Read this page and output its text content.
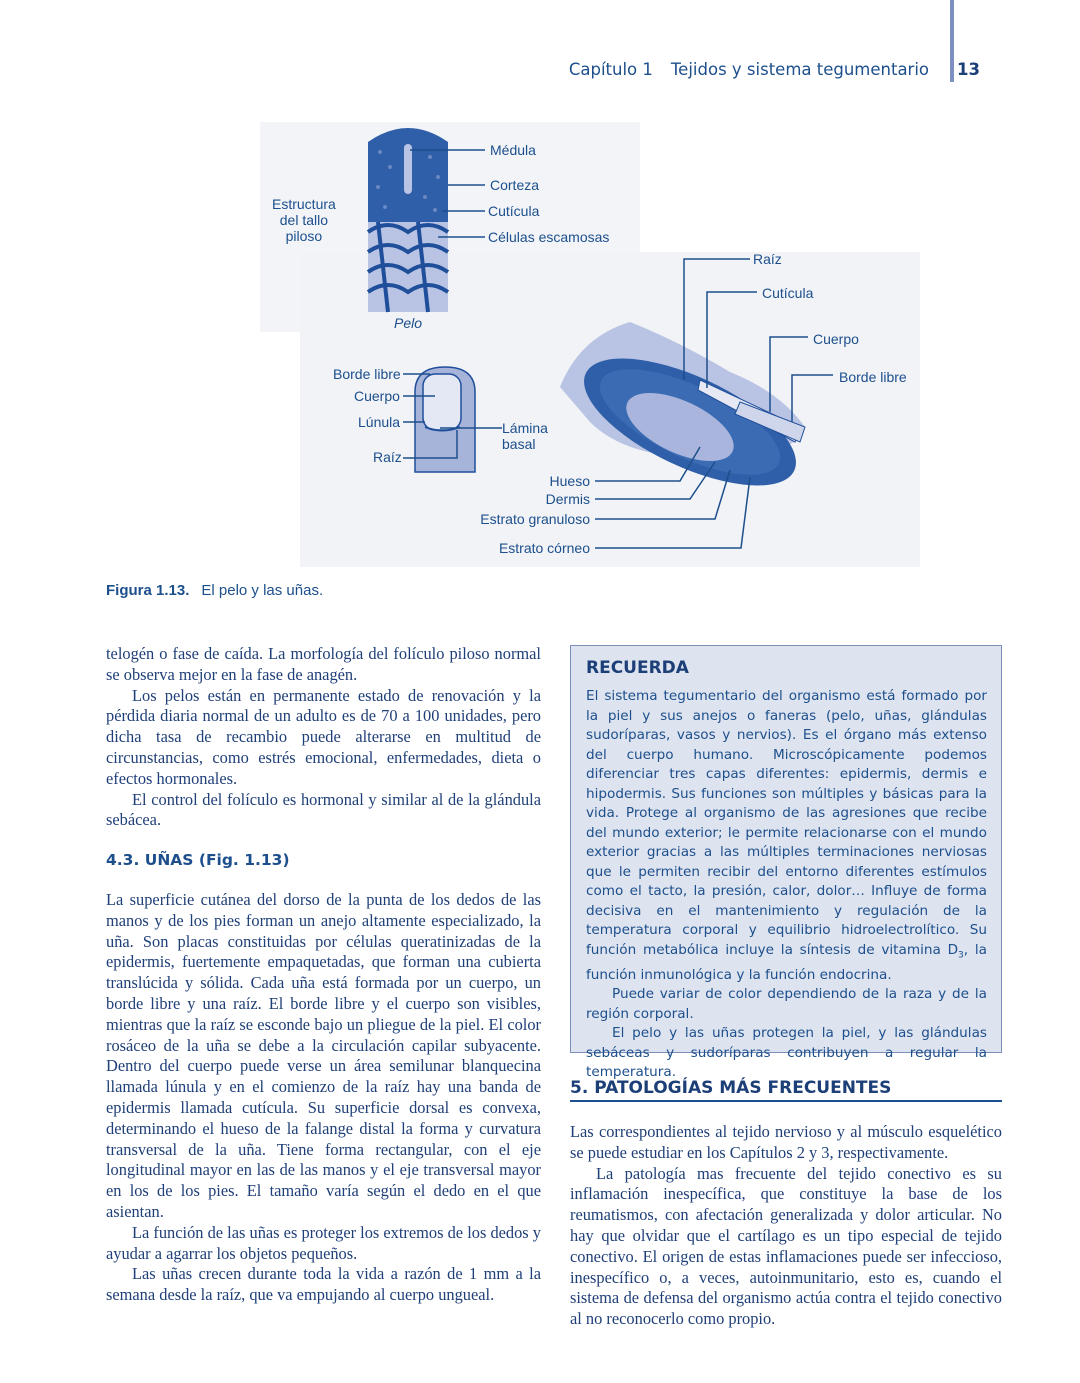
Capítulo 1 Tejidos y sistema tegumentario 13
Estructura
del tallo
piloso
Médula
Corteza
Cutícula
Células escamosas
Pelo
Borde libre
Cuerpo
Lúnula
Raíz
Lámina
basal
Raíz
Cutícula
Cuerpo
Borde libre
Hueso
Dermis
Estrato granuloso
Estrato córneo
Figura 1.13. El pelo y las uñas.

telogén o fase de caída. La morfología del folículo piloso normal se observa mejor en la fase de anagén.

Los pelos están en permanente estado de renovación y la pérdida diaria normal de un adulto es de 70 a 100 unidades, pero dicha tasa de recambio puede alterarse en multitud de circunstancias, como estrés emocional, enfermedades, dieta o efectos hormonales.

El control del folículo es hormonal y similar al de la glándula sebácea.

4.3. UÑAS (Fig. 1.13)

La superficie cutánea del dorso de la punta de los dedos de las manos y de los pies forman un anejo altamente especializado, la uña. Son placas constituidas por células queratinizadas de la epidermis, fuertemente empaquetadas, que forman una cubierta translúcida y sólida. Cada uña está formada por un cuerpo, un borde libre y una raíz. El borde libre y el cuerpo son visibles, mientras que la raíz se esconde bajo un pliegue de la piel. El color rosáceo de la uña se debe a la circulación capilar subyacente. Dentro del cuerpo puede verse un área semilunar blanquecina llamada lúnula y en el comienzo de la raíz hay una banda de epidermis llamada cutícula. Su superficie dorsal es convexa, determinando el hueso de la falange distal la forma y curvatura transversal de la uña. Tiene forma rectangular, con el eje longitudinal mayor en las de las manos y el eje transversal mayor en los de los pies. El tamaño varía según el dedo en el que asientan.

La función de las uñas es proteger los extremos de los dedos y ayudar a agarrar los objetos pequeños.

Las uñas crecen durante toda la vida a razón de 1 mm a la semana desde la raíz, que va empujando al cuerpo ungueal.

RECUERDA

El sistema tegumentario del organismo está formado por la piel y sus anejos o faneras (pelo, uñas, glándulas sudoríparas, vasos y nervios). Es el órgano más extenso del cuerpo humano. Microscópicamente podemos diferenciar tres capas diferentes: epidermis, dermis e hipodermis. Sus funciones son múltiples y básicas para la vida. Protege al organismo de las agresiones que recibe del mundo exterior; le permite relacionarse con el mundo exterior gracias a las múltiples terminaciones nerviosas que le permiten recibir del entorno diferentes estímulos como el tacto, la presión, calor, dolor… Influye de forma decisiva en el mantenimiento y regulación de la temperatura corporal y equilibrio hidroelectrolítico. Su función metabólica incluye la síntesis de vitamina $D_3$, la función inmunológica y la función endocrina.

Puede variar de color dependiendo de la raza y de la región corporal.

El pelo y las uñas protegen la piel, y las glándulas sebáceas y sudoríparas contribuyen a regular la temperatura.

5. PATOLOGÍAS MÁS FRECUENTES

Las correspondientes al tejido nervioso y al músculo esquelético se puede estudiar en los Capítulos 2 y 3, respectivamente.

La patología mas frecuente del tejido conectivo es su inflamación inespecífica, que constituye la base de los reumatismos, con afectación generalizada y dolor articular. No hay que olvidar que el cartílago es un tipo especial de tejido conectivo. El origen de estas inflamaciones puede ser infeccioso, inespecífico o, a veces, autoinmunitario, esto es, cuando el sistema de defensa del organismo actúa contra el tejido conectivo al no reconocerlo como propio.
